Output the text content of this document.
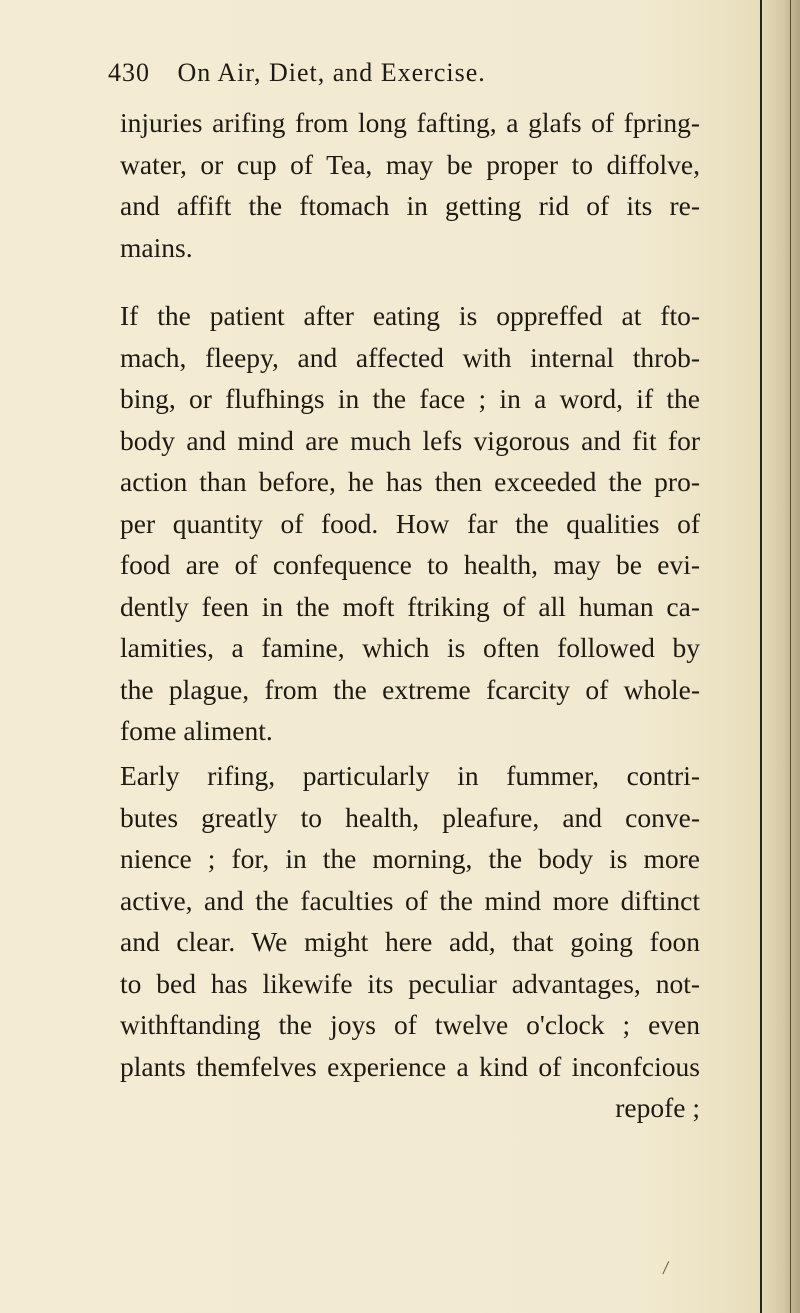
430 On Air, Diet, and Exercise.
injuries arifing from long fafting, a glafs of fpring-
water, or cup of Tea, may be proper to diffolve,
and affift the ftomach in getting rid of its re-
mains.
If the patient after eating is oppreffed at fto-
mach, fleepy, and affected with internal throb-
bing, or flufhings in the face ; in a word, if the
body and mind are much lefs vigorous and fit for
action than before, he has then exceeded the pro-
per quantity of food. How far the qualities of
food are of confequence to health, may be evi-
dently feen in the moft ftriking of all human ca-
lamities, a famine, which is often followed by
the plague, from the extreme fcarcity of whole-
fome aliment.
Early rifing, particularly in fummer, contri-
butes greatly to health, pleafure, and conve-
nience ; for, in the morning, the body is more
active, and the faculties of the mind more diftinct
and clear. We might here add, that going foon
to bed has likewife its peculiar advantages, not-
withftanding the joys of twelve o'clock ; even
plants themfelves experience a kind of inconfcious
repofe ;
